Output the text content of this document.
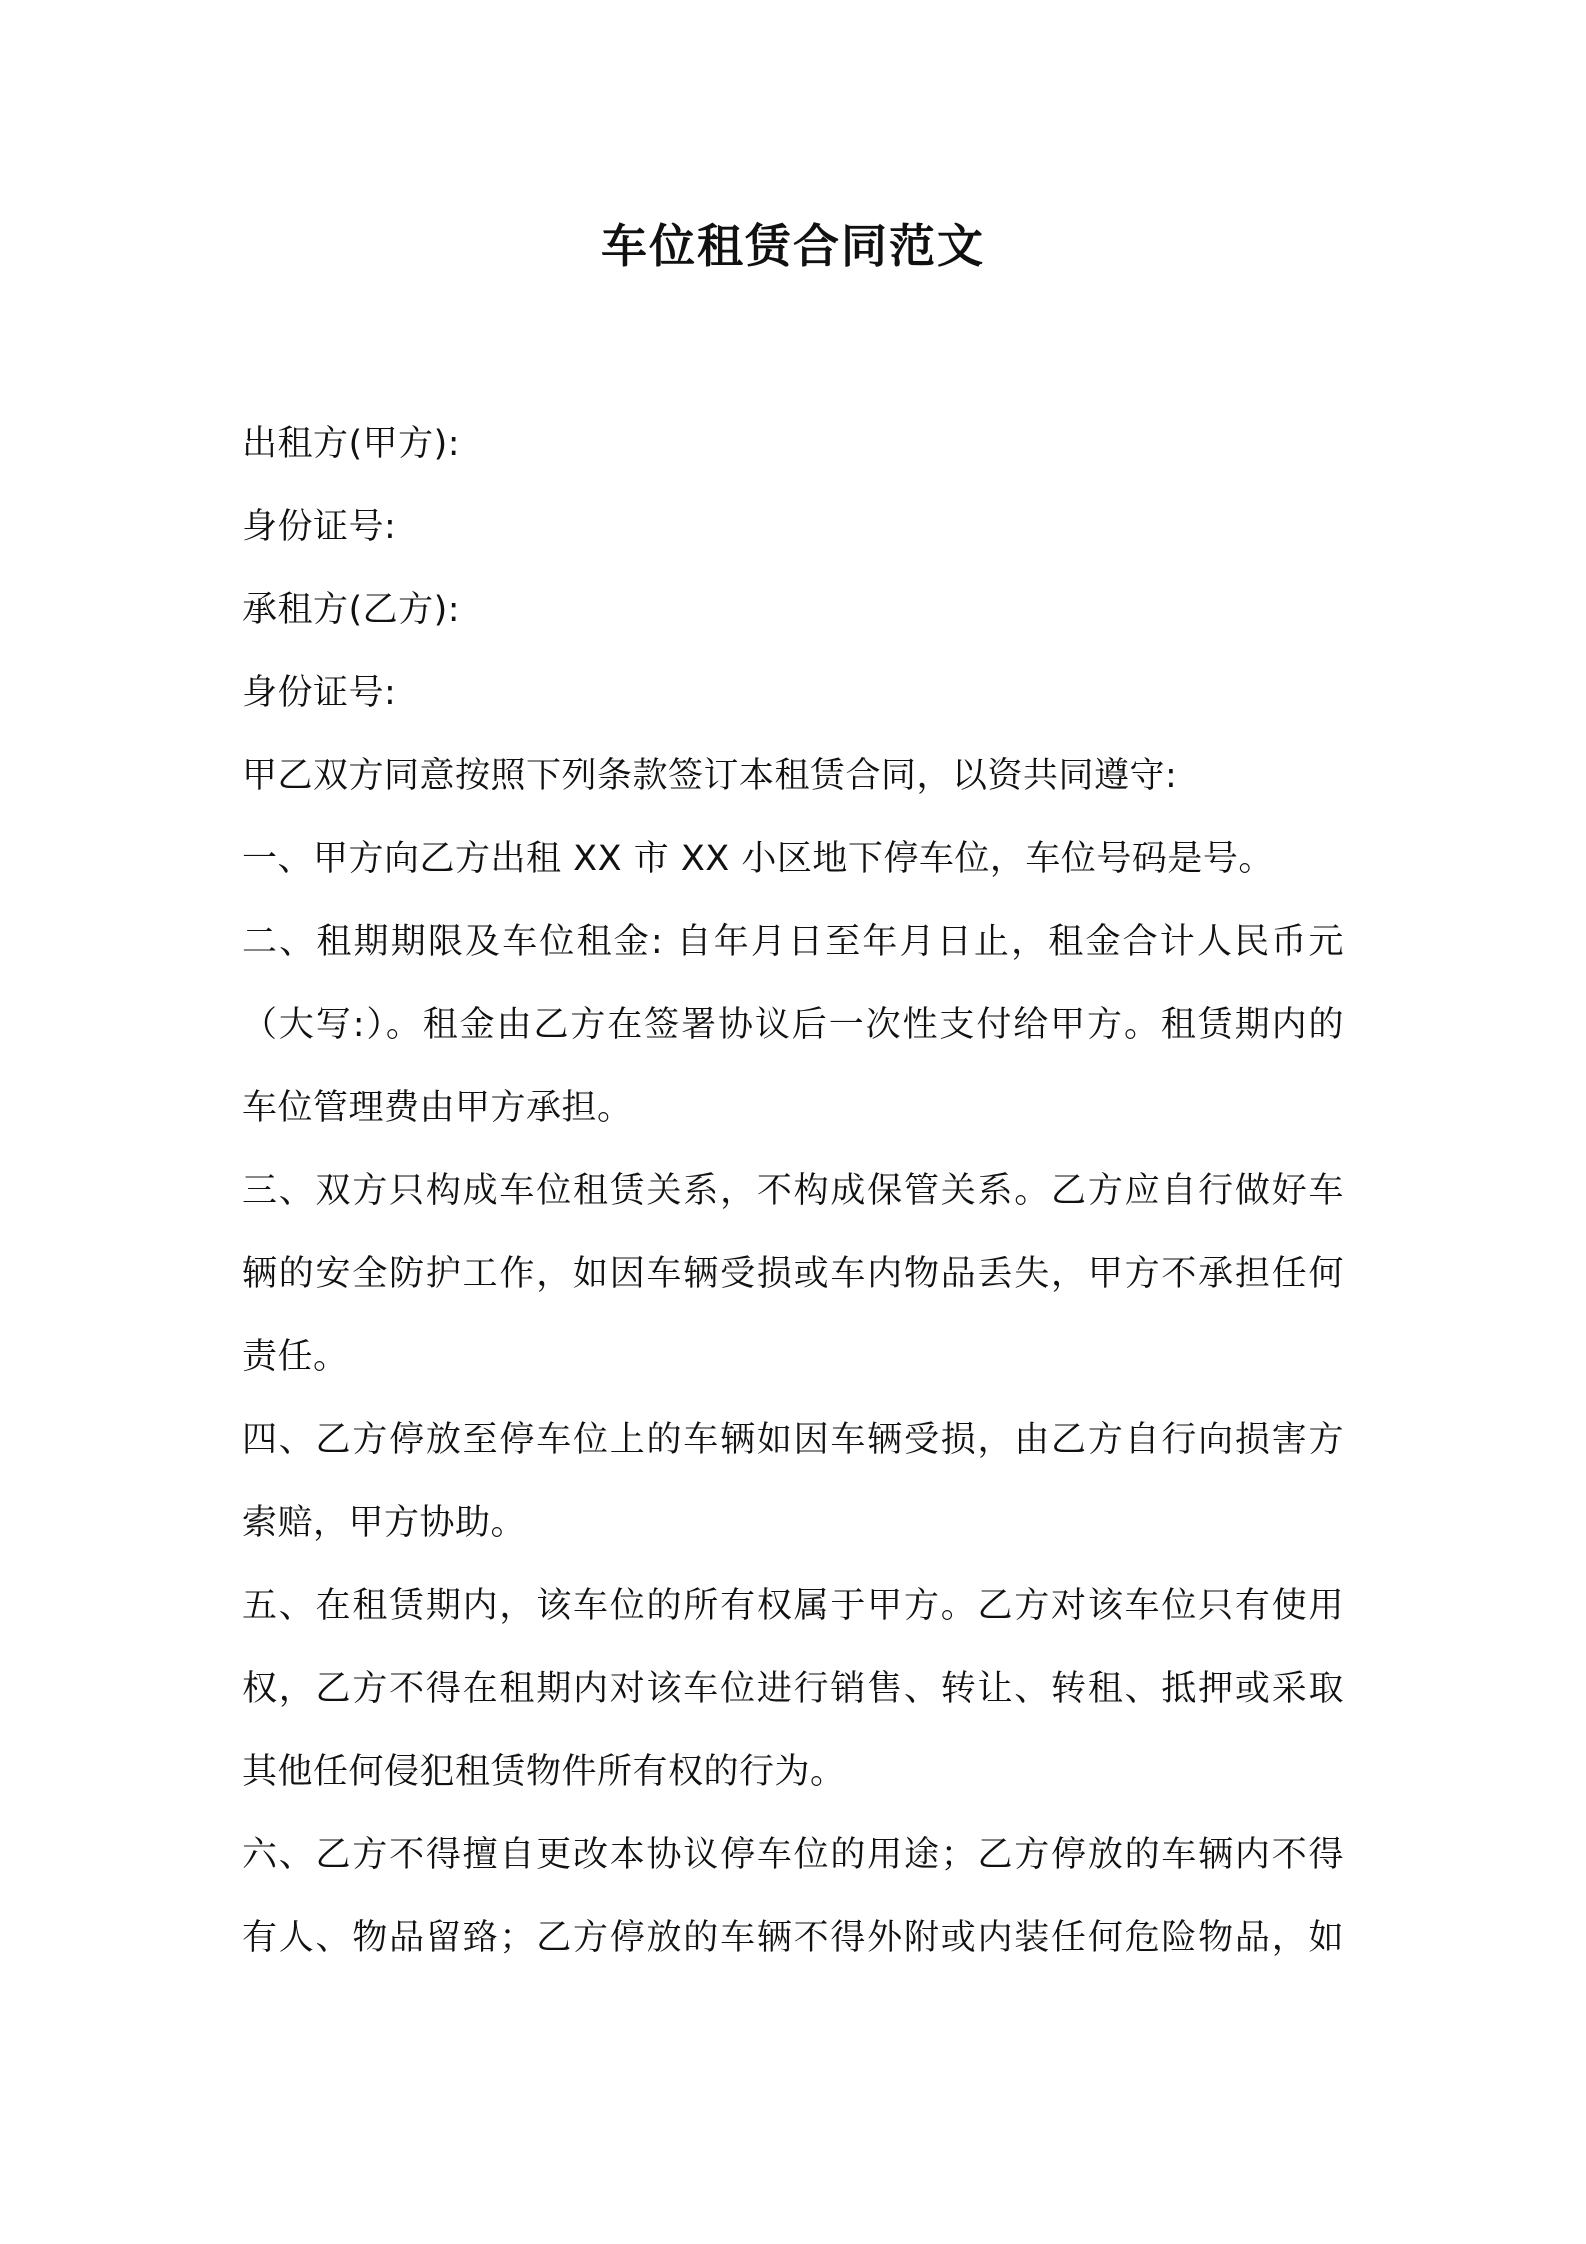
车位租赁合同范文
出租方(甲方):
身份证号:
承租方(乙方):
身份证号:
甲乙双方同意按照下列条款签订本租赁合同，以资共同遵守:
一、甲方向乙方出租 XX 市 XX 小区地下停车位，车位号码是号。
二、租期期限及车位租金: 自年月日至年月日止，租金合计人民币元
（大写:）。租金由乙方在签署协议后一次性支付给甲方。租赁期内的
车位管理费由甲方承担。
三、双方只构成车位租赁关系，不构成保管关系。乙方应自行做好车
辆的安全防护工作，如因车辆受损或车内物品丢失，甲方不承担任何
责任。
四、乙方停放至停车位上的车辆如因车辆受损，由乙方自行向损害方
索赔，甲方协助。
五、在租赁期内，该车位的所有权属于甲方。乙方对该车位只有使用
权，乙方不得在租期内对该车位进行销售、转让、转租、抵押或采取
其他任何侵犯租赁物件所有权的行为。
六、乙方不得擅自更改本协议停车位的用途；乙方停放的车辆内不得
有人、物品留臵；乙方停放的车辆不得外附或内装任何危险物品，如
